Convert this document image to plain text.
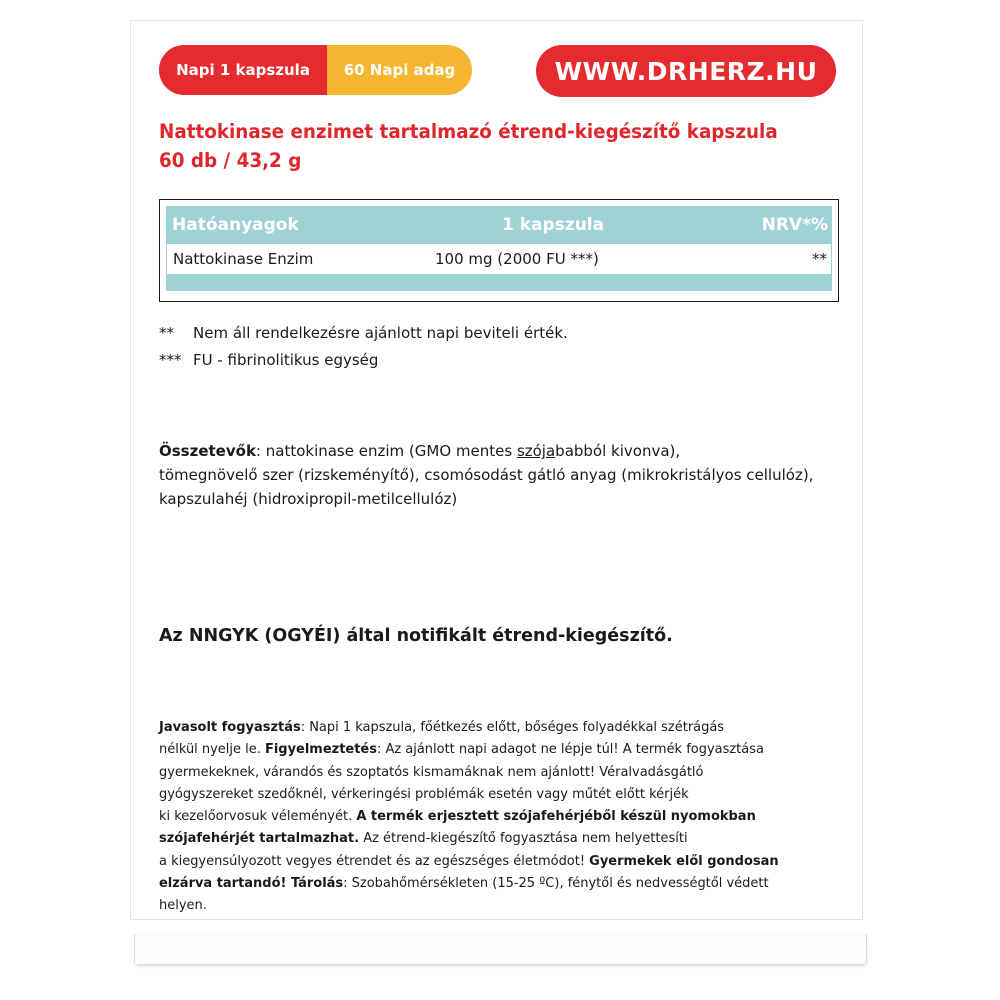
Napi 1 kapszula	60 Napi adag	WWW.DRHERZ.HU
Nattokinase enzimet tartalmazó étrend-kiegészítő kapszula
60 db / 43,2 g
Hatóanyagok	1 kapszula	NRV*%
Nattokinase Enzim	100 mg (2000 FU ***)	**
**	Nem áll rendelkezésre ajánlott napi beviteli érték.
*** FU - fibrinolitikus egység
Összetevők: nattokinase enzim (GMO mentes szójababból kivonva),
tömegnövelő szer (rizskeményítő), csomósodást gátló anyag (mikrokristályos cellulóz),
kapszulahéj (hidroxipropil-metilcellulóz)
Az NNGYK (OGYÉI) által notifikált étrend-kiegészítő.
Javasolt fogyasztás: Napi 1 kapszula, főétkezés előtt, bőséges folyadékkal szétrágás
nélkül nyelje le. Figyelmeztetés: Az ajánlott napi adagot ne lépje túl! A termék fogyasztása
gyermekeknek, várandós és szoptatós kismamáknak nem ajánlott! Véralvadásgátló
gyógyszereket szedőknél, vérkeringési problémák esetén vagy műtét előtt kérjék
ki kezelőorvosuk véleményét. A termék erjesztett szójafehérjéből készül nyomokban
szójafehérjét tartalmazhat. Az étrend-kiegészítő fogyasztása nem helyettesíti
a kiegyensúlyozott vegyes étrendet és az egészséges életmódot! Gyermekek elől gondosan
elzárva tartandó! Tárolás: Szobahőmérsékleten (15-25 ºC), fénytől és nedvességtől védett
helyen.
